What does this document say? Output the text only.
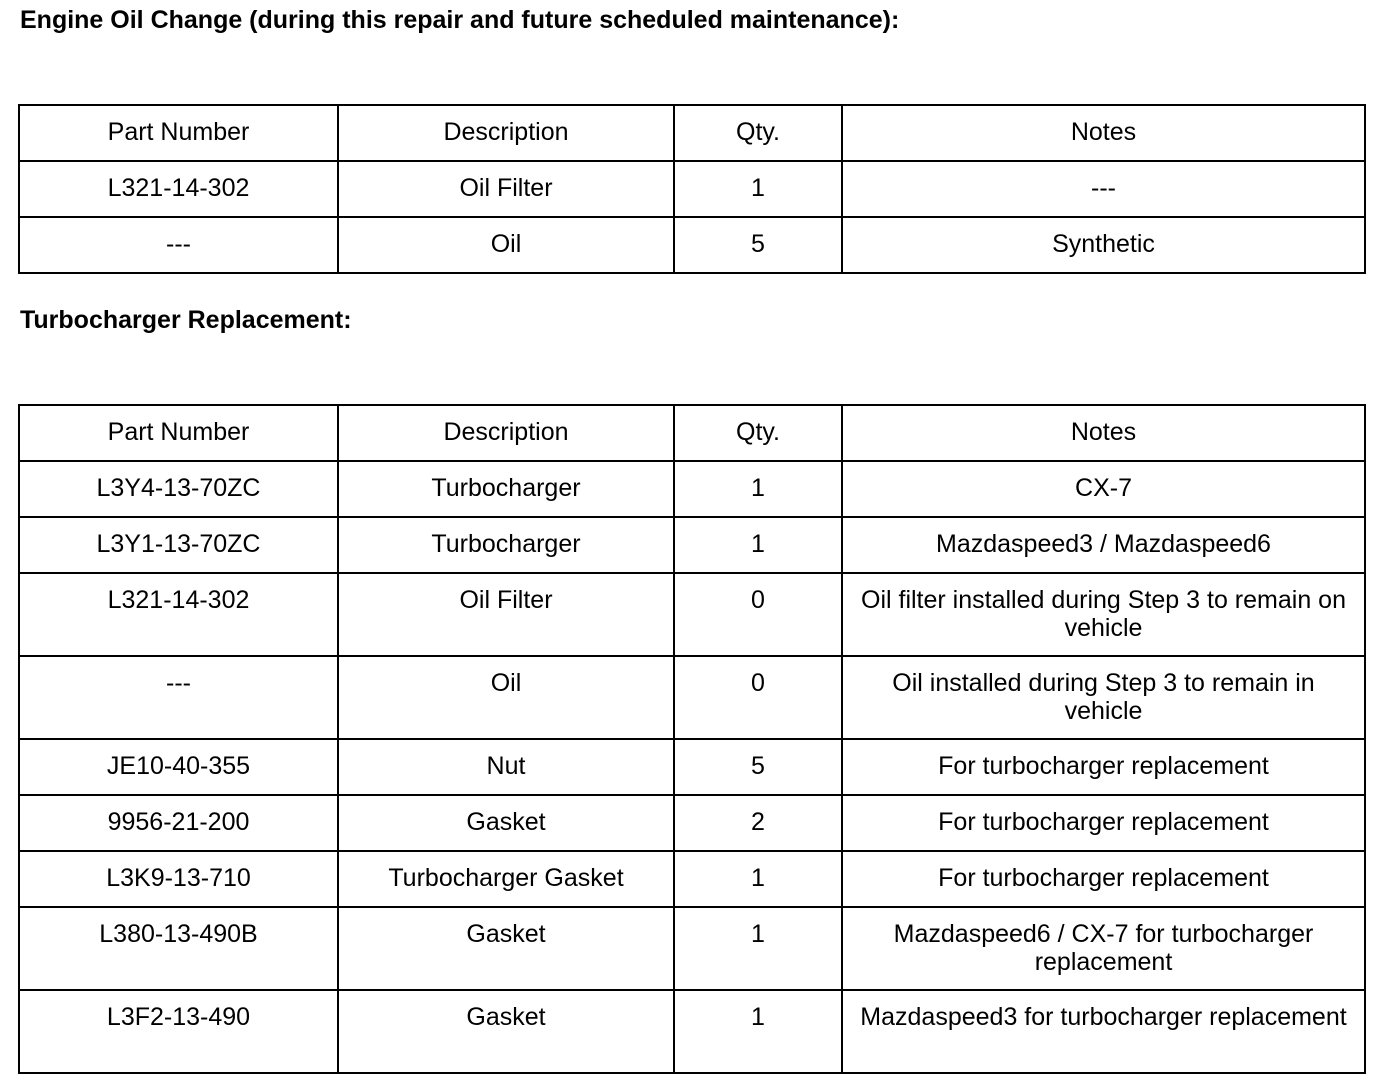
Engine Oil Change (during this repair and future scheduled maintenance):
Part Number	Description	Qty.	Notes
L321-14-302	Oil Filter	1	---
---	Oil	5	Synthetic
Turbocharger Replacement:
Part Number	Description	Qty.	Notes
L3Y4-13-70ZC	Turbocharger	1	CX-7
L3Y1-13-70ZC	Turbocharger	1	Mazdaspeed3 / Mazdaspeed6
L321-14-302	Oil Filter	0	Oil filter installed during Step 3 to remain on vehicle
---	Oil	0	Oil installed during Step 3 to remain in vehicle
JE10-40-355	Nut	5	For turbocharger replacement
9956-21-200	Gasket	2	For turbocharger replacement
L3K9-13-710	Turbocharger Gasket	1	For turbocharger replacement
L380-13-490B	Gasket	1	Mazdaspeed6 / CX-7 for turbocharger replacement
L3F2-13-490	Gasket	1	Mazdaspeed3 for turbocharger replacement
